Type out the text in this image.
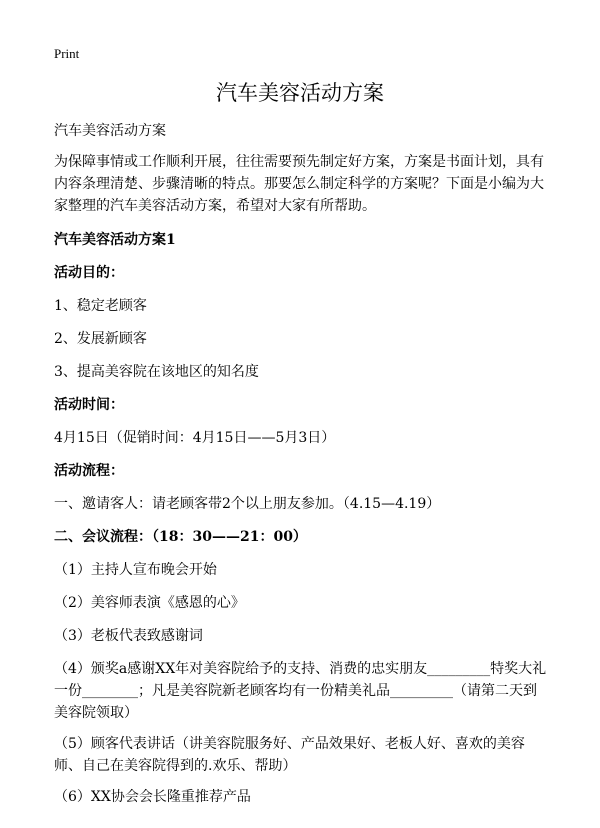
Print
汽车美容活动方案

汽车美容活动方案

为保障事情或工作顺利开展，往往需要预先制定好方案，方案是书面计划，具有内容条理清楚、步骤清晰的特点。那要怎么制定科学的方案呢？下面是小编为大家整理的汽车美容活动方案，希望对大家有所帮助。

汽车美容活动方案1

活动目的：

1、稳定老顾客
2、发展新顾客
3、提高美容院在该地区的知名度

活动时间：

4月15日（促销时间：4月15日——5月3日）

活动流程：

一、邀请客人：请老顾客带2个以上朋友参加。（4.15—4.19）

二、会议流程：（18：30——21：00）

（1）主持人宣布晚会开始
（2）美容师表演《感恩的心》
（3）老板代表致感谢词
（4）颁奖a感谢XX年对美容院给予的支持、消费的忠实朋友_________特奖大礼一份________；凡是美容院新老顾客均有一份精美礼品_________（请第二天到美容院领取）
（5）顾客代表讲话（讲美容院服务好、产品效果好、老板人好、喜欢的美容师、自己在美容院得到的.欢乐、帮助）
（6）XX协会会长隆重推荐产品
